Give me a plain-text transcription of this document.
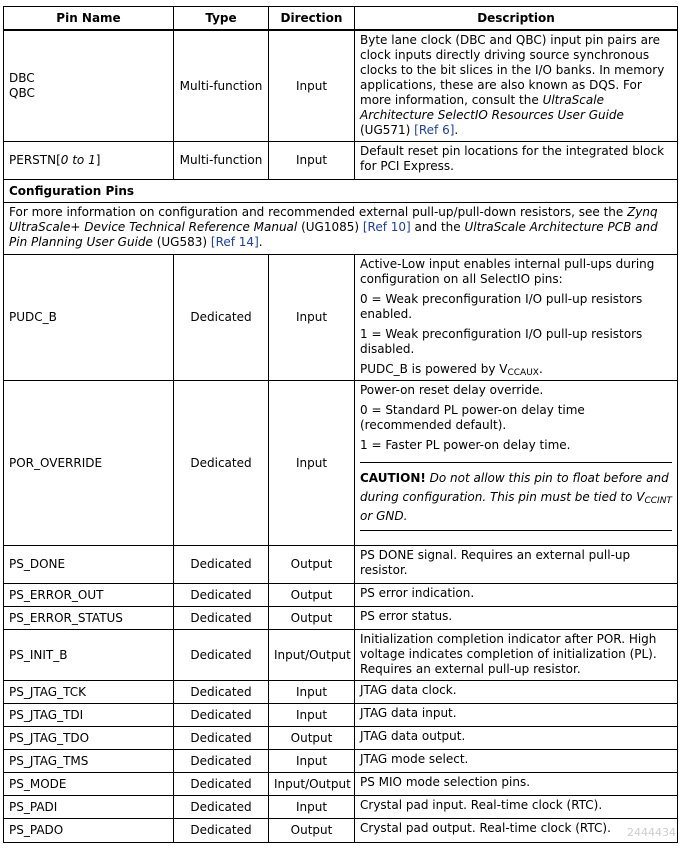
Pin Name	Type	Direction	Description

DBC
QBC	Multi-function	Input	Byte lane clock (DBC and QBC) input pin pairs are clock inputs directly driving source synchronous clocks to the bit slices in the I/O banks. In memory applications, these are also known as DQS. For more information, consult the UltraScale Architecture SelectIO Resources User Guide (UG571) [Ref 6].
PERSTN[0 to 1]	Multi-function	Input	Default reset pin locations for the integrated block for PCI Express.
Configuration Pins			
For more information on configuration and recommended external pull-up/pull-down resistors, see the Zynq UltraScale+ Device Technical Reference Manual (UG1085) [Ref 10] and the UltraScale Architecture PCB and Pin Planning User Guide (UG583) [Ref 14].			
PUDC_B	Dedicated	Input	Active-Low input enables internal pull-ups during configuration on all SelectIO pins:

0 = Weak preconfiguration I/O pull-up resistors enabled.

1 = Weak preconfiguration I/O pull-up resistors disabled.

PUDC_B is powered by $V_{CCAUX}$.

POR_OVERRIDE	Dedicated	Input	Power-on reset delay override.

0 = Standard PL power-on delay time (recommended default).

1 = Faster PL power-on delay time.

CAUTION! Do not allow this pin to float before and during configuration. This pin must be tied to $V_{CCINT}$ or GND.

PS_DONE	Dedicated	Output	PS DONE signal. Requires an external pull-up resistor.
PS_ERROR_OUT	Dedicated	Output	PS error indication.
PS_ERROR_STATUS	Dedicated	Output	PS error status.
PS_INIT_B	Dedicated	Input/Output	Initialization completion indicator after POR. High voltage indicates completion of initialization (PL). Requires an external pull-up resistor.
PS_JTAG_TCK	Dedicated	Input	JTAG data clock.
PS_JTAG_TDI	Dedicated	Input	JTAG data input.
PS_JTAG_TDO	Dedicated	Output	JTAG data output.
PS_JTAG_TMS	Dedicated	Input	JTAG mode select.
PS_MODE	Dedicated	Input/Output	PS MIO mode selection pins.
PS_PADI	Dedicated	Input	Crystal pad input. Real-time clock (RTC).
PS_PADO	Dedicated	Output	Crystal pad output. Real-time clock (RTC). 2444434
